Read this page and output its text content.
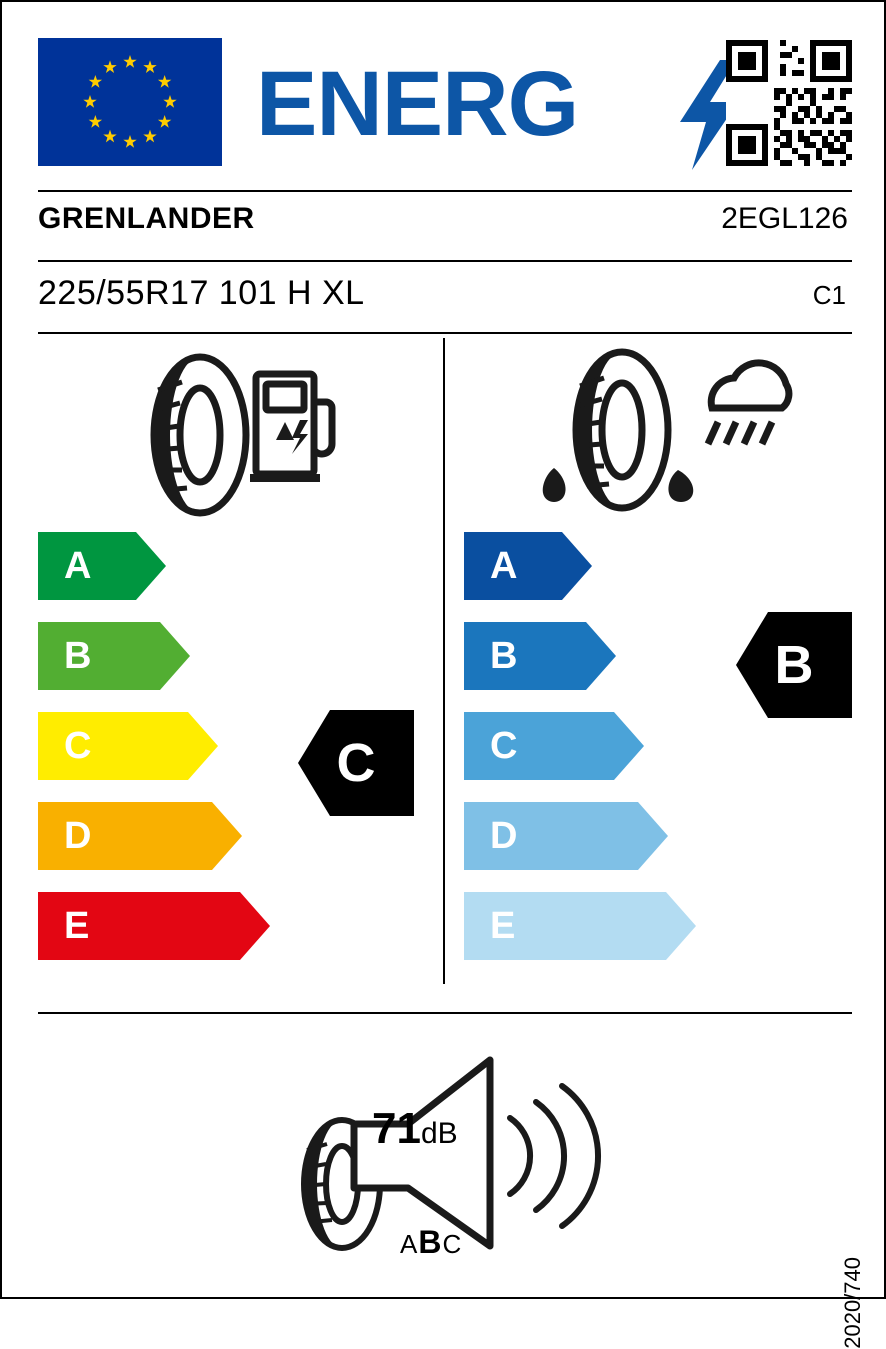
ENERG
GRENLANDER	2EGL126
225/55R17 101 H XL	C1
A
B
C
D
E
A
B
C
D
E
C
B
71dB
ABC
2020/740
